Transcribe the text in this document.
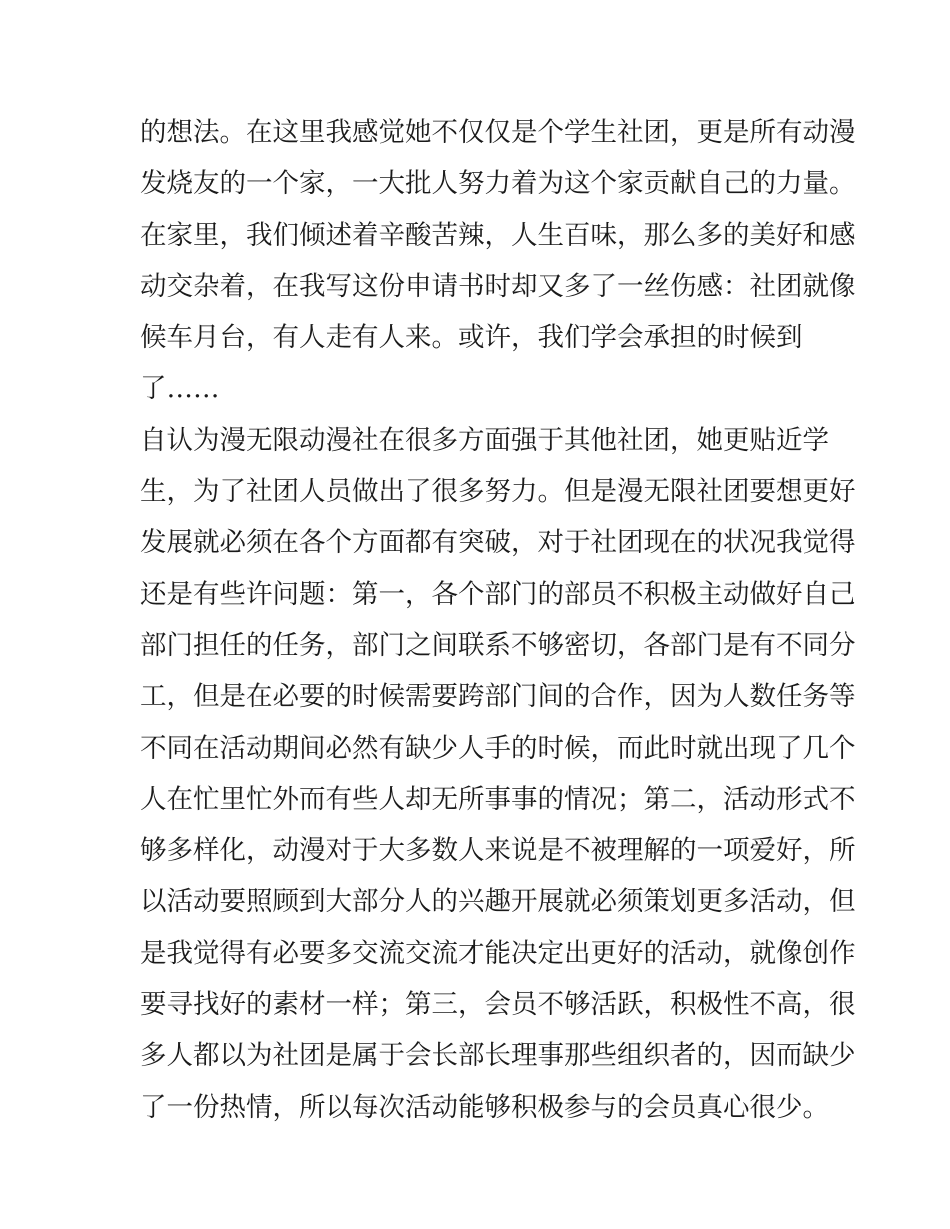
的想法。在这里我感觉她不仅仅是个学生社团，更是所有动漫
发烧友的一个家，一大批人努力着为这个家贡献自己的力量。
在家里，我们倾述着辛酸苦辣，人生百味，那么多的美好和感
动交杂着，在我写这份申请书时却又多了一丝伤感：社团就像
候车月台，有人走有人来。或许，我们学会承担的时候到
了……
自认为漫无限动漫社在很多方面强于其他社团，她更贴近学
生，为了社团人员做出了很多努力。但是漫无限社团要想更好
发展就必须在各个方面都有突破，对于社团现在的状况我觉得
还是有些许问题：第一，各个部门的部员不积极主动做好自己
部门担任的任务，部门之间联系不够密切，各部门是有不同分
工，但是在必要的时候需要跨部门间的合作，因为人数任务等
不同在活动期间必然有缺少人手的时候，而此时就出现了几个
人在忙里忙外而有些人却无所事事的情况；第二，活动形式不
够多样化，动漫对于大多数人来说是不被理解的一项爱好，所
以活动要照顾到大部分人的兴趣开展就必须策划更多活动，但
是我觉得有必要多交流交流才能决定出更好的活动，就像创作
要寻找好的素材一样；第三，会员不够活跃，积极性不高，很
多人都以为社团是属于会长部长理事那些组织者的，因而缺少
了一份热情，所以每次活动能够积极参与的会员真心很少。
